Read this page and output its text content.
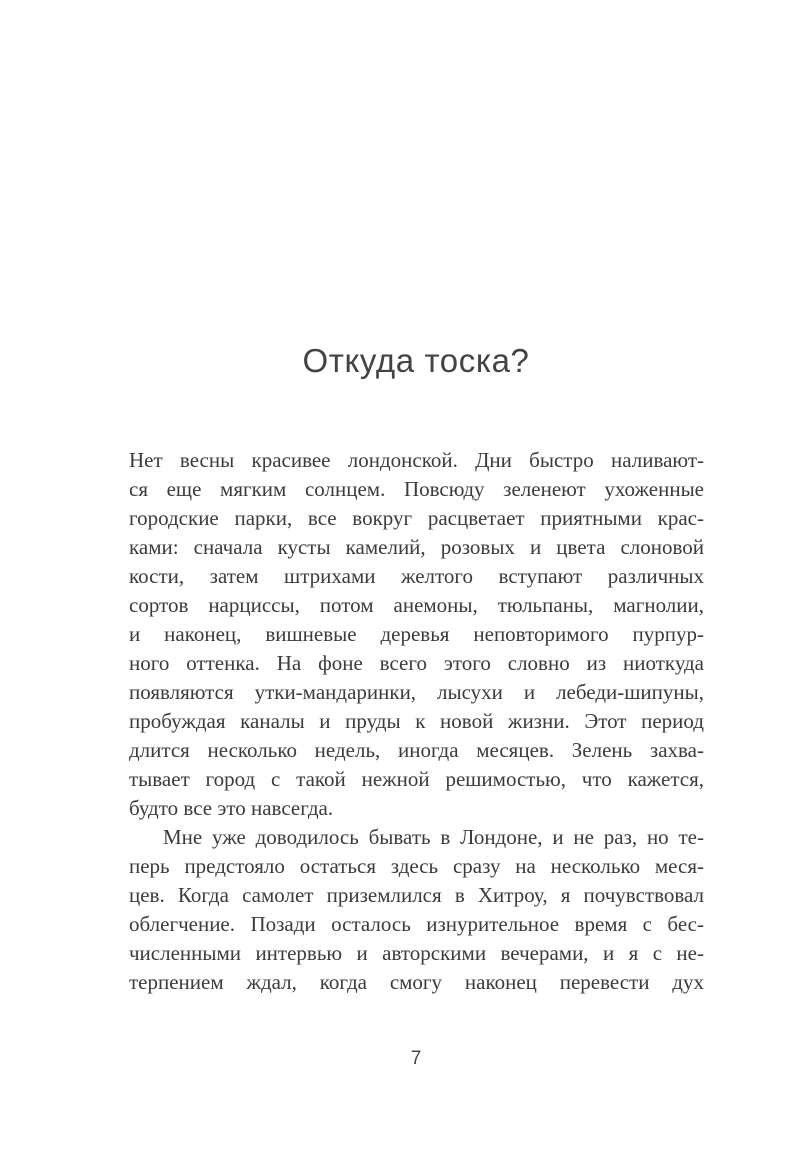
Откуда тоска?
Нет весны красивее лондонской. Дни быстро наливают-
ся еще мягким солнцем. Повсюду зеленеют ухоженные
городские парки, все вокруг расцветает приятными крас-
ками: сначала кусты камелий, розовых и цвета слоновой
кости, затем штрихами желтого вступают различных
сортов нарциссы, потом анемоны, тюльпаны, магнолии,
и наконец, вишневые деревья неповторимого пурпур-
ного оттенка. На фоне всего этого словно из ниоткуда
появляются утки-мандаринки, лысухи и лебеди-шипуны,
пробуждая каналы и пруды к новой жизни. Этот период
длится несколько недель, иногда месяцев. Зелень захва-
тывает город с такой нежной решимостью, что кажется,
будто все это навсегда.
Мне уже доводилось бывать в Лондоне, и не раз, но те-
перь предстояло остаться здесь сразу на несколько меся-
цев. Когда самолет приземлился в Хитроу, я почувствовал
облегчение. Позади осталось изнурительное время с бес-
численными интервью и авторскими вечерами, и я с не-
терпением ждал, когда смогу наконец перевести дух
7
